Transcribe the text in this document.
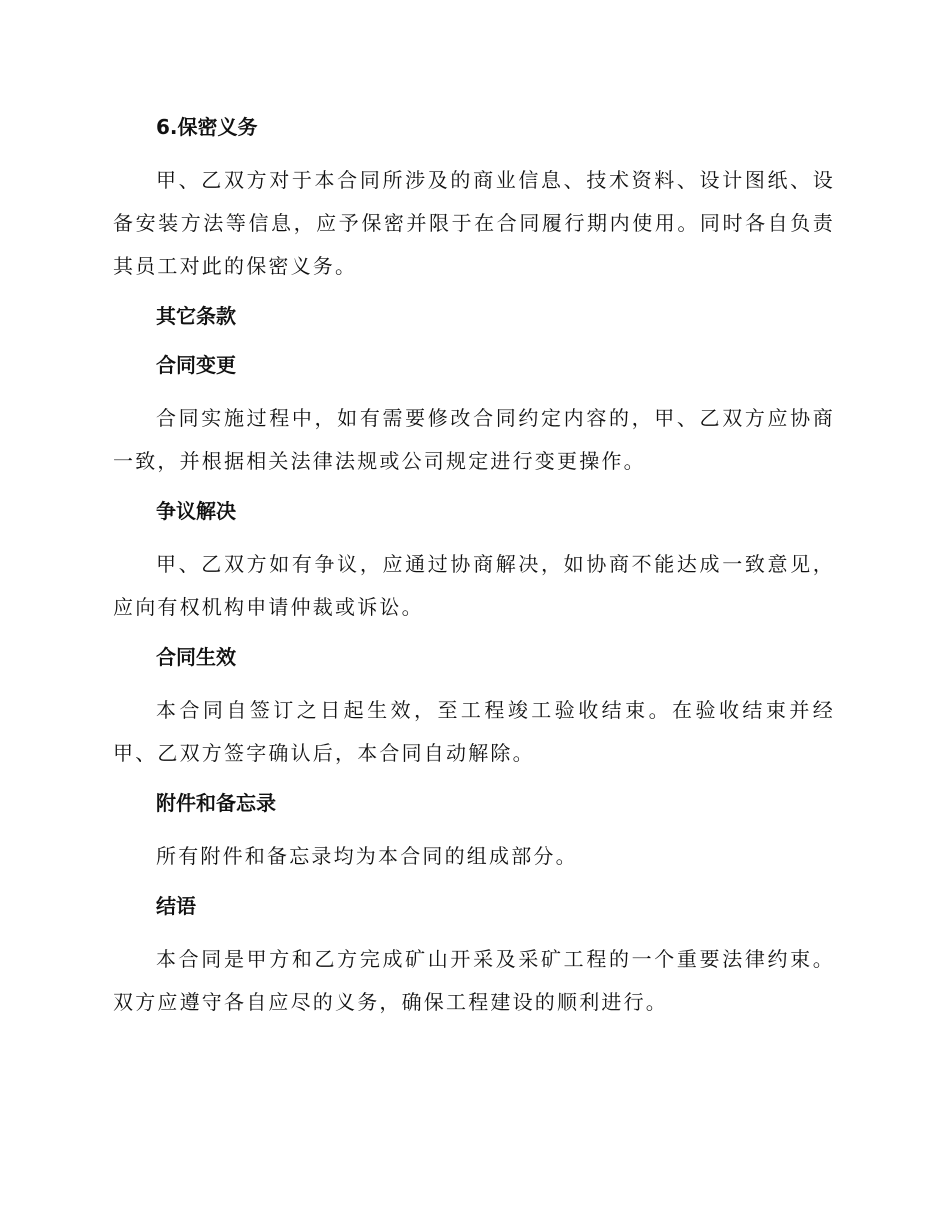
6.保密义务

甲、乙双方对于本合同所涉及的商业信息、技术资料、设计图纸、设备安装方法等信息，应予保密并限于在合同履行期内使用。同时各自负责其员工对此的保密义务。

其它条款
合同变更

合同实施过程中，如有需要修改合同约定内容的，甲、乙双方应协商一致，并根据相关法律法规或公司规定进行变更操作。

争议解决

甲、乙双方如有争议，应通过协商解决，如协商不能达成一致意见，应向有权机构申请仲裁或诉讼。

合同生效

本合同自签订之日起生效，至工程竣工验收结束。在验收结束并经甲、乙双方签字确认后，本合同自动解除。

附件和备忘录

所有附件和备忘录均为本合同的组成部分。

结语

本合同是甲方和乙方完成矿山开采及采矿工程的一个重要法律约束。双方应遵守各自应尽的义务，确保工程建设的顺利进行。
